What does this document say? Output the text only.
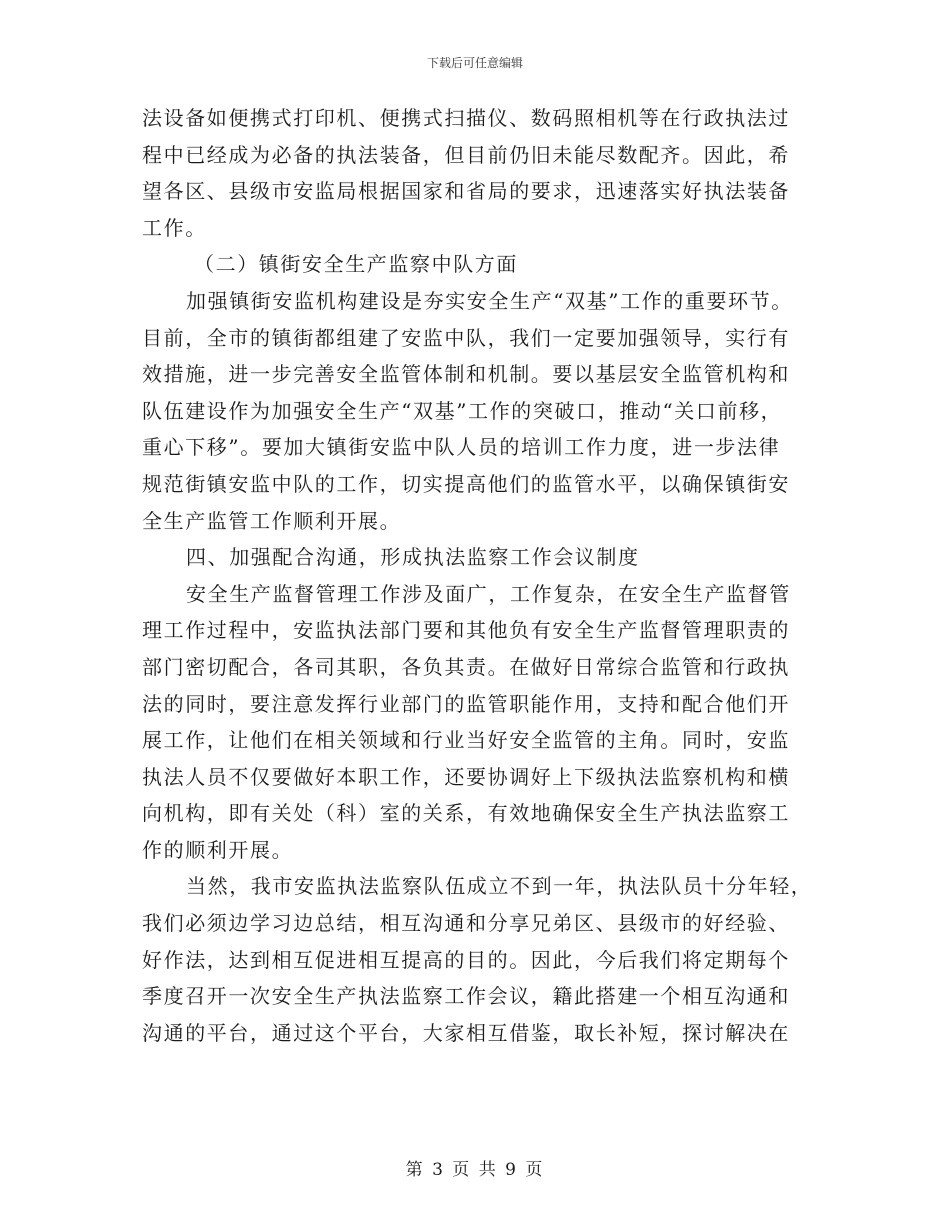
下载后可任意编辑
法设备如便携式打印机、便携式扫描仪、数码照相机等在行政执法过
程中已经成为必备的执法装备，但目前仍旧未能尽数配齐。因此，希
望各区、县级市安监局根据国家和省局的要求，迅速落实好执法装备
工作。
（二）镇街安全生产监察中队方面
加强镇街安监机构建设是夯实安全生产“双基”工作的重要环节。
目前，全市的镇街都组建了安监中队，我们一定要加强领导，实行有
效措施，进一步完善安全监管体制和机制。要以基层安全监管机构和
队伍建设作为加强安全生产“双基”工作的突破口，推动“关口前移，
重心下移”。要加大镇街安监中队人员的培训工作力度，进一步法律
规范街镇安监中队的工作，切实提高他们的监管水平，以确保镇街安
全生产监管工作顺利开展。
四、加强配合沟通，形成执法监察工作会议制度
安全生产监督管理工作涉及面广，工作复杂，在安全生产监督管
理工作过程中，安监执法部门要和其他负有安全生产监督管理职责的
部门密切配合，各司其职，各负其责。在做好日常综合监管和行政执
法的同时，要注意发挥行业部门的监管职能作用，支持和配合他们开
展工作，让他们在相关领域和行业当好安全监管的主角。同时，安监
执法人员不仅要做好本职工作，还要协调好上下级执法监察机构和横
向机构，即有关处（科）室的关系，有效地确保安全生产执法监察工
作的顺利开展。
当然，我市安监执法监察队伍成立不到一年，执法队员十分年轻，
我们必须边学习边总结，相互沟通和分享兄弟区、县级市的好经验、
好作法，达到相互促进相互提高的目的。因此，今后我们将定期每个
季度召开一次安全生产执法监察工作会议，籍此搭建一个相互沟通和
沟通的平台，通过这个平台，大家相互借鉴，取长补短，探讨解决在
第 3 页 共 9 页
